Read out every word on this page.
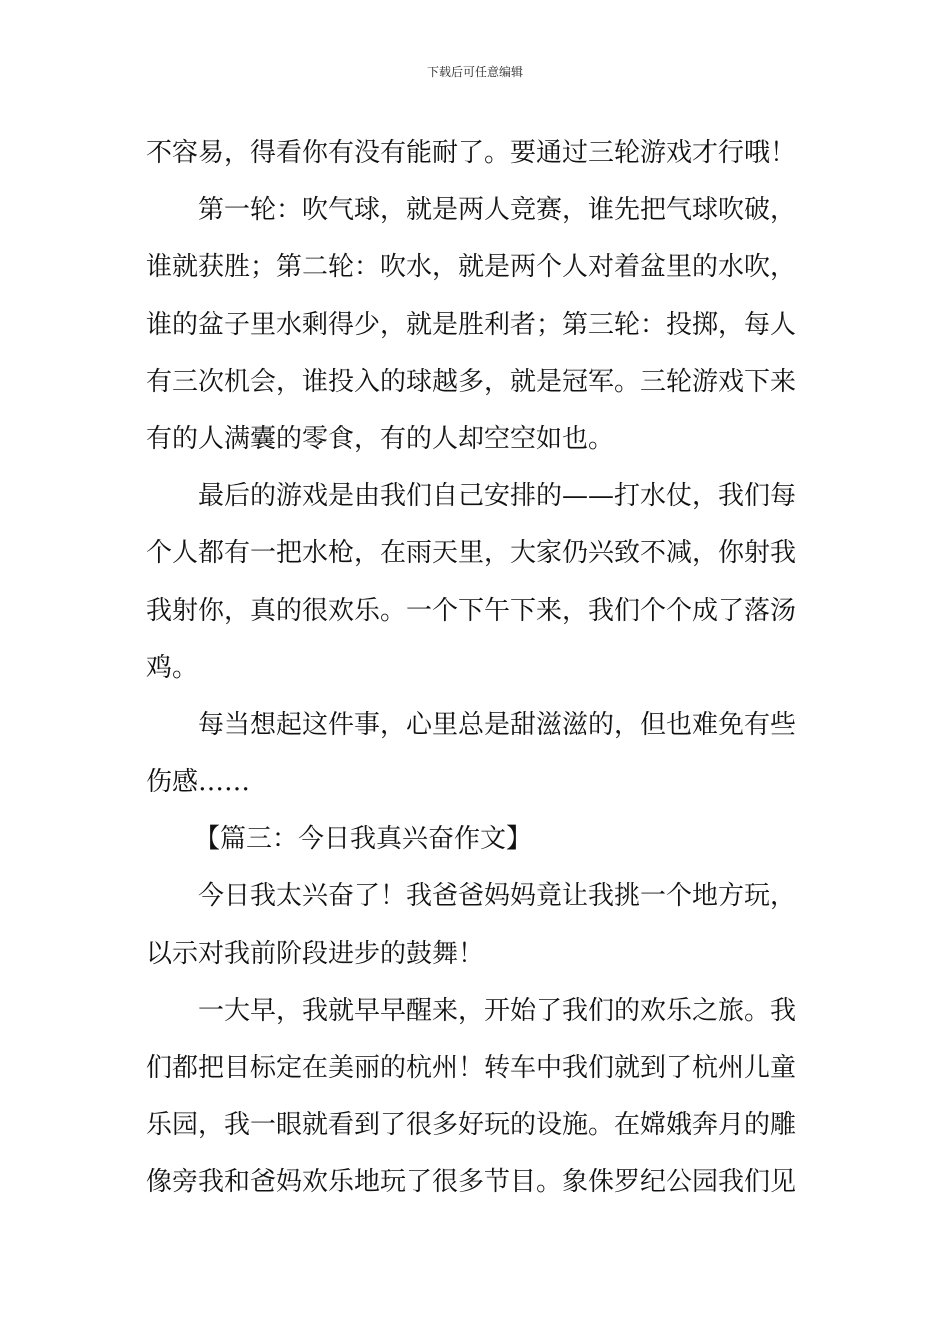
下载后可任意编辑
不容易，得看你有没有能耐了。要通过三轮游戏才行哦！
第一轮：吹气球，就是两人竞赛，谁先把气球吹破，
谁就获胜；第二轮：吹水，就是两个人对着盆里的水吹，
谁的盆子里水剩得少，就是胜利者；第三轮：投掷，每人
有三次机会，谁投入的球越多，就是冠军。三轮游戏下来
有的人满囊的零食，有的人却空空如也。
最后的游戏是由我们自己安排的——打水仗，我们每
个人都有一把水枪，在雨天里，大家仍兴致不减，你射我
我射你，真的很欢乐。一个下午下来，我们个个成了落汤
鸡。
每当想起这件事，心里总是甜滋滋的，但也难免有些
伤感……
【篇三：今日我真兴奋作文】
今日我太兴奋了！我爸爸妈妈竟让我挑一个地方玩，
以示对我前阶段进步的鼓舞！
一大早，我就早早醒来，开始了我们的欢乐之旅。我
们都把目标定在美丽的杭州！转车中我们就到了杭州儿童
乐园，我一眼就看到了很多好玩的设施。在嫦娥奔月的雕
像旁我和爸妈欢乐地玩了很多节目。象侏罗纪公园我们见
